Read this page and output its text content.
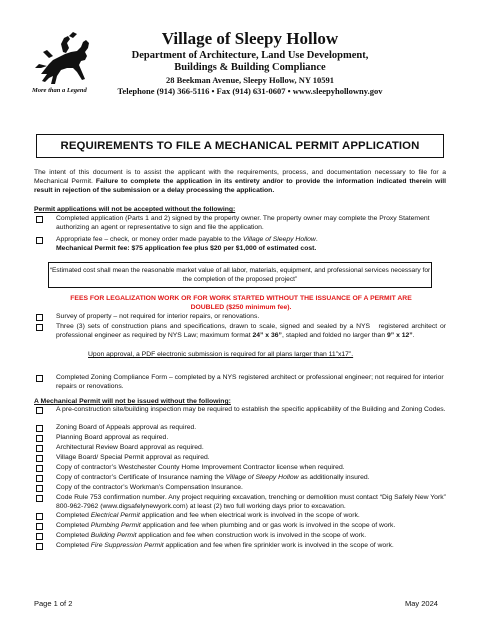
More than a Legend
Village of Sleepy Hollow
Department of Architecture, Land Use Development,
Buildings & Building Compliance
28 Beekman Avenue, Sleepy Hollow, NY 10591
Telephone (914) 366-5116 • Fax (914) 631-0607 • www.sleepyhollowny.gov
REQUIREMENTS TO FILE A MECHANICAL PERMIT APPLICATION
The intent of this document is to assist the applicant with the requirements, process, and documentation necessary to file for a Mechanical Permit. Failure to complete the application in its entirety and/or to provide the information indicated therein will result in rejection of the submission or a delay processing the application.
Permit applications will not be accepted without the following:
Completed application (Parts 1 and 2) signed by the property owner. The property owner may complete the Proxy Statement authorizing an agent or representative to sign and file the application.
Appropriate fee – check, or money order made payable to the Village of Sleepy Hollow.
Mechanical Permit fee: $75 application fee plus $20 per $1,000 of estimated cost.
“Estimated cost shall mean the reasonable market value of all labor, materials, equipment, and professional services necessary for the completion of the proposed project”
FEES FOR LEGALIZATION WORK OR FOR WORK STARTED WITHOUT THE ISSUANCE OF A PERMIT ARE DOUBLED ($250 minimum fee).
Survey of property – not required for interior repairs, or renovations.
Three (3) sets of construction plans and specifications, drawn to scale, signed and sealed by a NYS   registered architect or professional engineer as required by NYS Law; maximum format 24” x 36”, stapled and folded no larger than 9” x 12”.
Upon approval, a PDF electronic submission is required for all plans larger than 11”x17”.
Completed Zoning Compliance Form – completed by a NYS registered architect or professional engineer; not required for interior repairs or renovations.
A Mechanical Permit will not be issued without the following:
A pre-construction site/building inspection may be required to establish the specific applicability of the Building and Zoning Codes.
Zoning Board of Appeals approval as required.
Planning Board approval as required.
Architectural Review Board approval as required.
Village Board/ Special Permit approval as required.
Copy of contractor’s Westchester County Home Improvement Contractor license when required.
Copy of contractor’s Certificate of Insurance naming the Village of Sleepy Hollow as additionally insured.
Copy of the contractor’s Workman’s Compensation Insurance.
Code Rule 753 confirmation number. Any project requiring excavation, trenching or demolition must contact “Dig Safely New York” 800-962-7962 (www.digsafelynewyork.com) at least (2) two full working days prior to excavation.
Completed Electrical Permit application and fee when electrical work is involved in the scope of work.
Completed Plumbing Permit application and fee when plumbing and or gas work is involved in the scope of work.
Completed Building Permit application and fee when construction work is involved in the scope of work.
Completed Fire Suppression Permit application and fee when fire sprinkler work is involved in the scope of work.
Page 1 of 2	May 2024
